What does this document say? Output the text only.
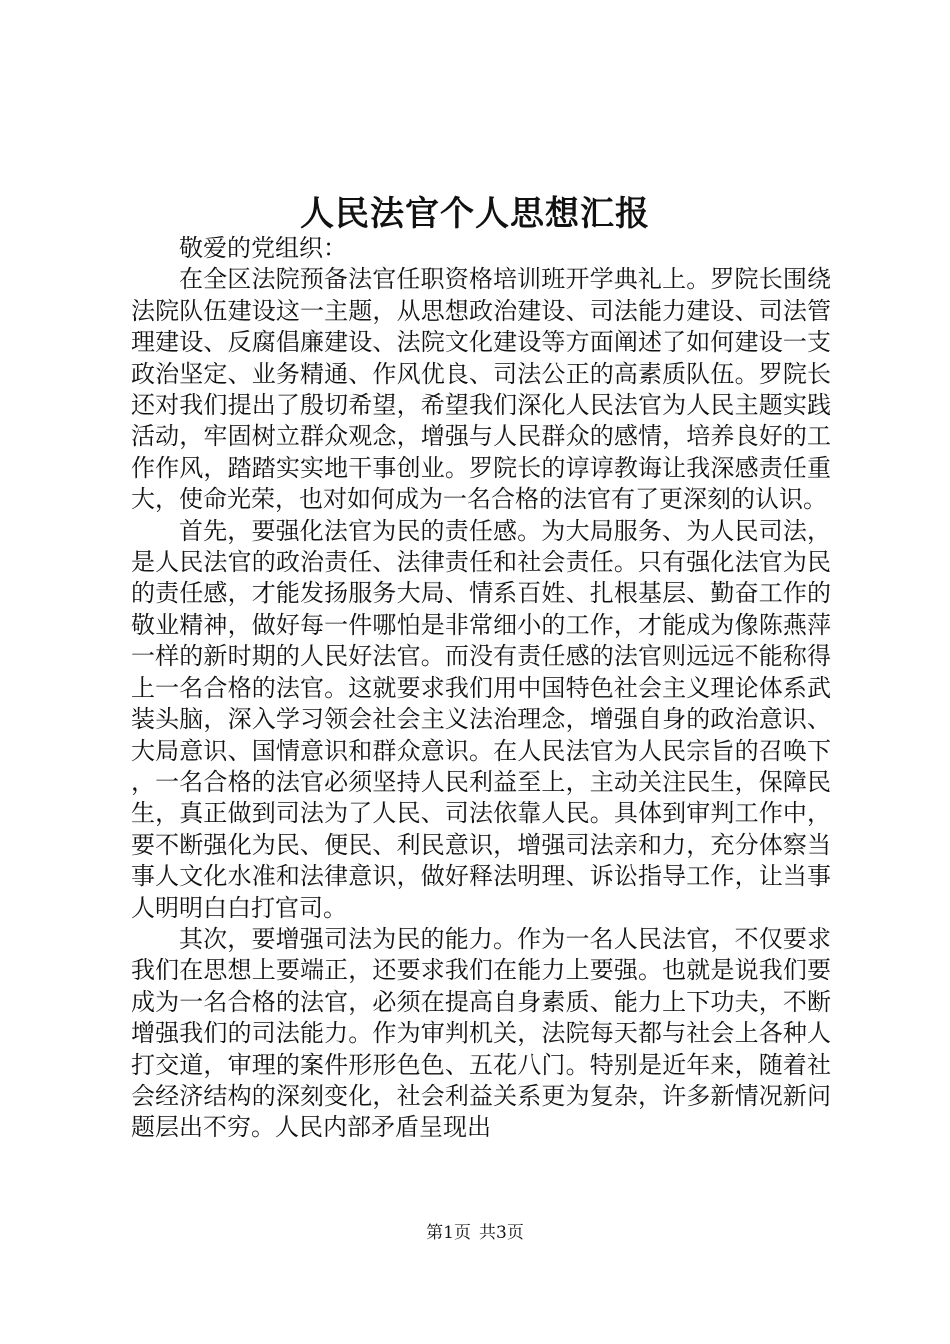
人民法官个人思想汇报

敬爱的党组织：

在全区法院预备法官任职资格培训班开学典礼上。罗院长围绕法院队伍建设这一主题，从思想政治建设、司法能力建设、司法管理建设、反腐倡廉建设、法院文化建设等方面阐述了如何建设一支政治坚定、业务精通、作风优良、司法公正的高素质队伍。罗院长还对我们提出了殷切希望，希望我们深化人民法官为人民主题实践活动，牢固树立群众观念，增强与人民群众的感情，培养良好的工作作风，踏踏实实地干事创业。罗院长的谆谆教诲让我深感责任重大，使命光荣，也对如何成为一名合格的法官有了更深刻的认识。

首先，要强化法官为民的责任感。为大局服务、为人民司法，是人民法官的政治责任、法律责任和社会责任。只有强化法官为民的责任感，才能发扬服务大局、情系百姓、扎根基层、勤奋工作的敬业精神，做好每一件哪怕是非常细小的工作，才能成为像陈燕萍一样的新时期的人民好法官。而没有责任感的法官则远远不能称得上一名合格的法官。这就要求我们用中国特色社会主义理论体系武装头脑，深入学习领会社会主义法治理念，增强自身的政治意识、大局意识、国情意识和群众意识。在人民法官为人民宗旨的召唤下，一名合格的法官必须坚持人民利益至上，主动关注民生，保障民生，真正做到司法为了人民、司法依靠人民。具体到审判工作中，要不断强化为民、便民、利民意识，增强司法亲和力，充分体察当事人文化水准和法律意识，做好释法明理、诉讼指导工作，让当事人明明白白打官司。

其次，要增强司法为民的能力。作为一名人民法官，不仅要求我们在思想上要端正，还要求我们在能力上要强。也就是说我们要成为一名合格的法官，必须在提高自身素质、能力上下功夫，不断增强我们的司法能力。作为审判机关，法院每天都与社会上各种人打交道，审理的案件形形色色、五花八门。特别是近年来，随着社会经济结构的深刻变化，社会利益关系更为复杂，许多新情况新问题层出不穷。人民内部矛盾呈现出

第1页 共3页
